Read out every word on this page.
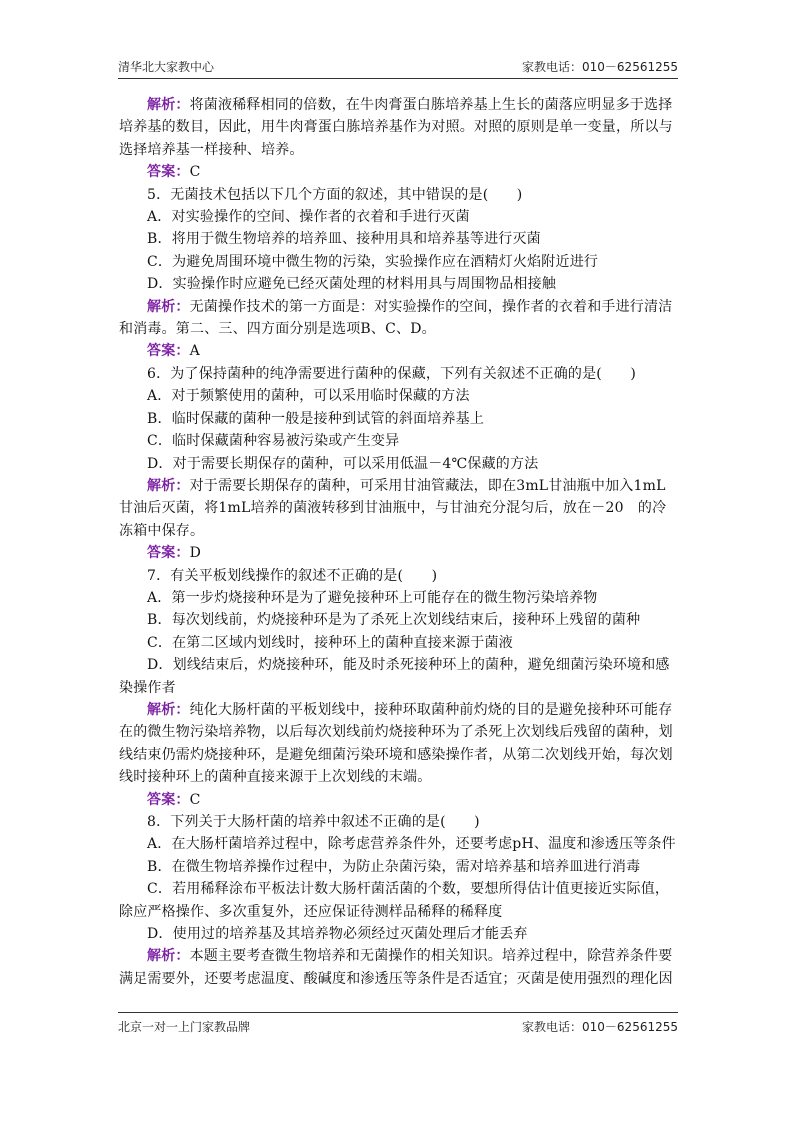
清华北大家教中心	家教电话：010－62561255

解析：将菌液稀释相同的倍数，在牛肉膏蛋白胨培养基上生长的菌落应明显多于选择培养基的数目，因此，用牛肉膏蛋白胨培养基作为对照。对照的原则是单一变量，所以与选择培养基一样接种、培养。

答案：C

5．无菌技术包括以下几个方面的叙述，其中错误的是(　　)

A．对实验操作的空间、操作者的衣着和手进行灭菌

B．将用于微生物培养的培养皿、接种用具和培养基等进行灭菌

C．为避免周围环境中微生物的污染，实验操作应在酒精灯火焰附近进行

D．实验操作时应避免已经灭菌处理的材料用具与周围物品相接触

解析：无菌操作技术的第一方面是：对实验操作的空间，操作者的衣着和手进行清洁和消毒。第二、三、四方面分别是选项B、C、D。

答案：A

6．为了保持菌种的纯净需要进行菌种的保藏，下列有关叙述不正确的是(　　)

A．对于频繁使用的菌种，可以采用临时保藏的方法

B．临时保藏的菌种一般是接种到试管的斜面培养基上

C．临时保藏菌种容易被污染或产生变异

D．对于需要长期保存的菌种，可以采用低温－4℃保藏的方法

解析：对于需要长期保存的菌种，可采用甘油管藏法，即在3mL甘油瓶中加入1mL甘油后灭菌，将1mL培养的菌液转移到甘油瓶中，与甘油充分混匀后，放在－20　的冷冻箱中保存。

答案：D

7．有关平板划线操作的叙述不正确的是(　　)

A．第一步灼烧接种环是为了避免接种环上可能存在的微生物污染培养物

B．每次划线前，灼烧接种环是为了杀死上次划线结束后，接种环上残留的菌种

C．在第二区域内划线时，接种环上的菌种直接来源于菌液

D．划线结束后，灼烧接种环，能及时杀死接种环上的菌种，避免细菌污染环境和感染操作者

解析：纯化大肠杆菌的平板划线中，接种环取菌种前灼烧的目的是避免接种环可能存在的微生物污染培养物，以后每次划线前灼烧接种环为了杀死上次划线后残留的菌种，划线结束仍需灼烧接种环，是避免细菌污染环境和感染操作者，从第二次划线开始，每次划线时接种环上的菌种直接来源于上次划线的末端。

答案：C

8．下列关于大肠杆菌的培养中叙述不正确的是(　　)

A．在大肠杆菌培养过程中，除考虑营养条件外，还要考虑pH、温度和渗透压等条件

B．在微生物培养操作过程中，为防止杂菌污染，需对培养基和培养皿进行消毒

C．若用稀释涂布平板法计数大肠杆菌活菌的个数，要想所得估计值更接近实际值，除应严格操作、多次重复外，还应保证待测样品稀释的稀释度

D．使用过的培养基及其培养物必须经过灭菌处理后才能丢弃

解析：本题主要考查微生物培养和无菌操作的相关知识。培养过程中，除营养条件要满足需要外，还要考虑温度、酸碱度和渗透压等条件是否适宜；灭菌是使用强烈的理化因

北京一对一上门家教品牌	家教电话：010－62561255
